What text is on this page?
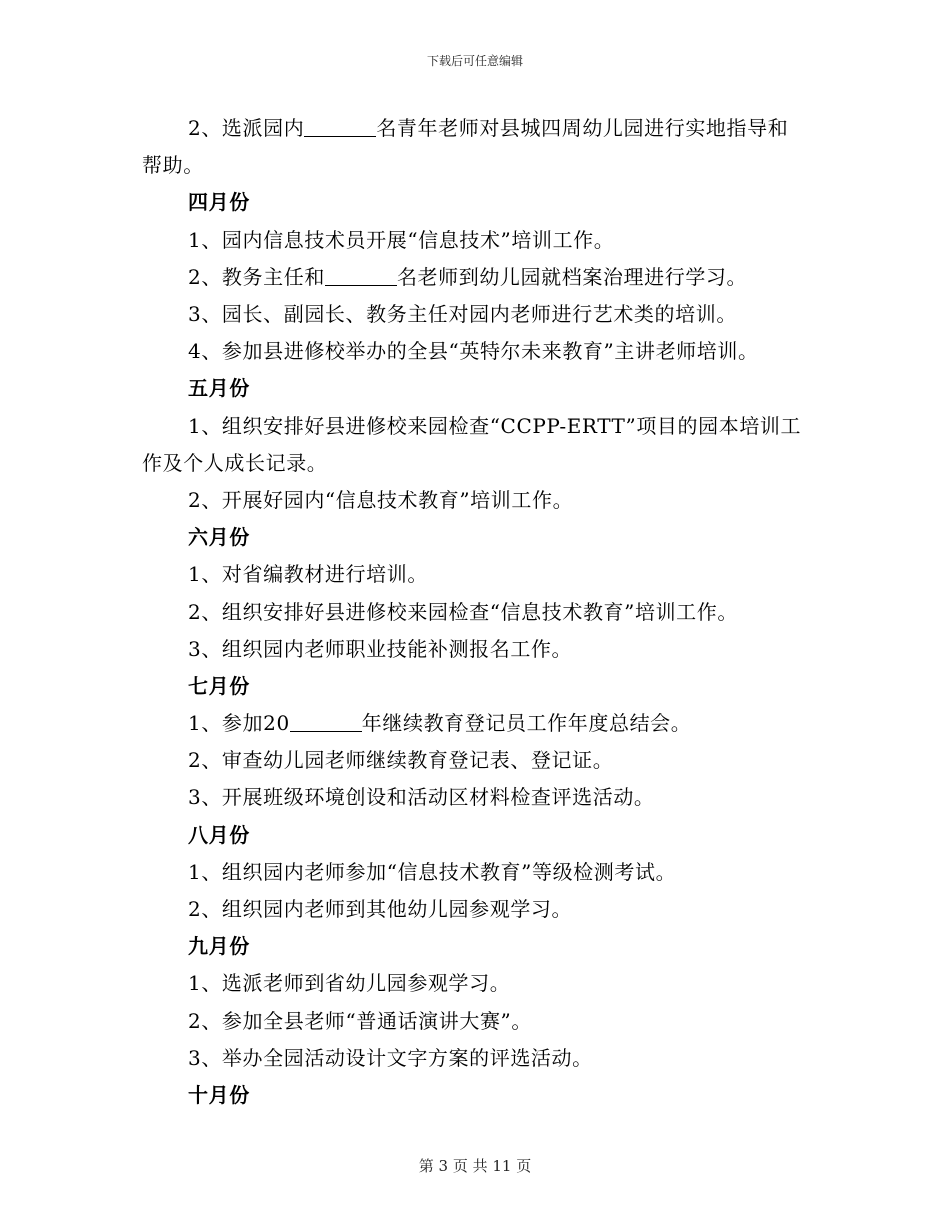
下载后可任意编辑
2、选派园内	名青年老师对县城四周幼儿园进行实地指导和帮助。
四月份
1、园内信息技术员开展“信息技术”培训工作。
2、教务主任和	名老师到幼儿园就档案治理进行学习。
3、园长、副园长、教务主任对园内老师进行艺术类的培训。
4、参加县进修校举办的全县“英特尔未来教育”主讲老师培训。
五月份
1、组织安排好县进修校来园检查“CCPP-ERTT”项目的园本培训工作及个人成长记录。
2、开展好园内“信息技术教育”培训工作。
六月份
1、对省编教材进行培训。
2、组织安排好县进修校来园检查“信息技术教育”培训工作。
3、组织园内老师职业技能补测报名工作。
七月份
1、参加20	年继续教育登记员工作年度总结会。
2、审查幼儿园老师继续教育登记表、登记证。
3、开展班级环境创设和活动区材料检查评选活动。
八月份
1、组织园内老师参加“信息技术教育”等级检测考试。
2、组织园内老师到其他幼儿园参观学习。
九月份
1、选派老师到省幼儿园参观学习。
2、参加全县老师“普通话演讲大赛”。
3、举办全园活动设计文字方案的评选活动。
十月份
第 3 页 共 11 页
